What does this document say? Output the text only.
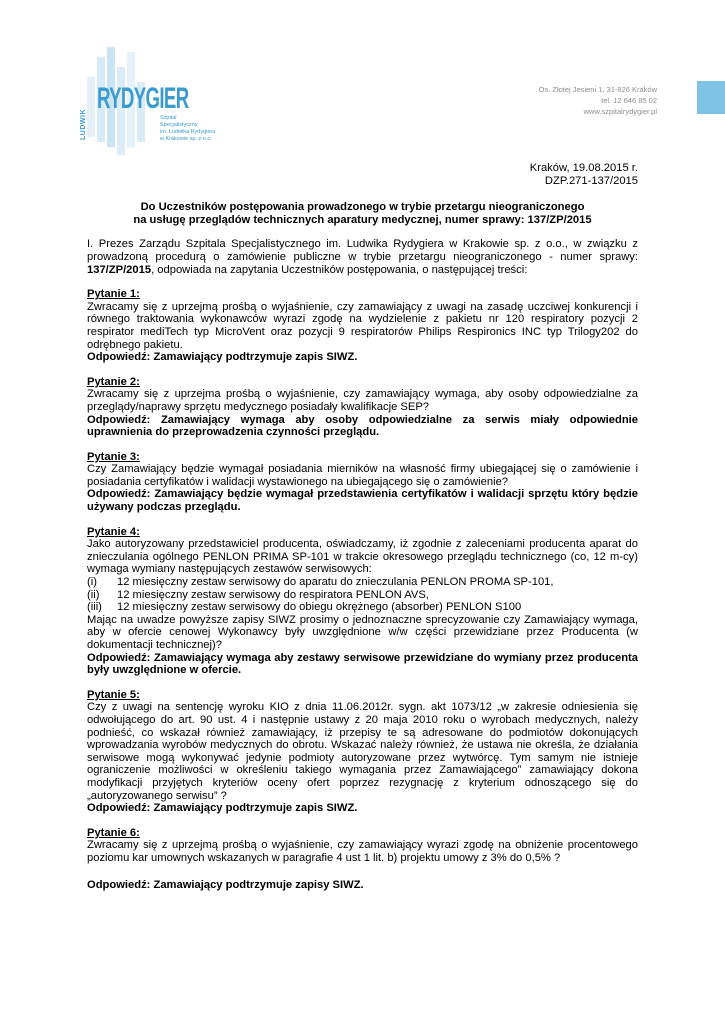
LUDWIK
RYDYGIER
Szpital
Specjalistyczny
im. Ludwika Rydygiera
w Krakowie sp. z o.o.
Os. Złotej Jesieni 1, 31-826 Kraków
tel. 12 646 85 02
www.szpitalrydygier.pl

Kraków, 19.08.2015 r.

DZP.271-137/2015

Do Uczestników postępowania prowadzonego w trybie przetargu nieograniczonego

na usługę przeglądów technicznych aparatury medycznej, numer sprawy: 137/ZP/2015

I. Prezes Zarządu Szpitala Specjalistycznego im. Ludwika Rydygiera w Krakowie sp. z o.o., w związku z prowadzoną procedurą o zamówienie publiczne w trybie przetargu nieograniczonego - numer sprawy: 137/ZP/2015, odpowiada na zapytania Uczestników postępowania, o następującej treści:

Pytanie 1:

Zwracamy się z uprzejmą prośbą o wyjaśnienie, czy zamawiający z uwagi na zasadę uczciwej konkurencji i równego traktowania wykonawców wyrazi zgodę na wydzielenie z pakietu nr 120 respiratory pozycji 2 respirator mediTech typ MicroVent oraz pozycji 9 respiratorów Philips Respironics INC typ Trilogy202 do odrębnego pakietu.

Odpowiedź: Zamawiający podtrzymuje zapis SIWZ.

Pytanie 2:

Zwracamy się z uprzejma prośbą o wyjaśnienie, czy zamawiający wymaga, aby osoby odpowiedzialne za przeglądy/naprawy sprzętu medycznego posiadały kwalifikacje SEP?

Odpowiedź: Zamawiający wymaga aby osoby odpowiedzialne za serwis miały odpowiednie uprawnienia do przeprowadzenia czynności przeglądu.

Pytanie 3:

Czy Zamawiający będzie wymagał posiadania mierników na własność firmy ubiegającej się o zamówienie i posiadania certyfikatów i walidacji wystawionego na ubiegającego się o zamówienie?

Odpowiedź: Zamawiający będzie wymagał przedstawienia certyfikatów i walidacji sprzętu który będzie używany podczas przeglądu.

Pytanie 4:

Jako autoryzowany przedstawiciel producenta, oświadczamy, iż zgodnie z zaleceniami producenta aparat do znieczulania ogólnego PENLON PRIMA SP-101 w trakcie okresowego przeglądu technicznego (co, 12 m-cy) wymaga wymiany następujących zestawów serwisowych:

(i)	12 miesięczny zestaw serwisowy do aparatu do znieczulania PENLON PROMA SP-101,
(ii)	12 miesięczny zestaw serwisowy do respiratora PENLON AVS,
(iii)	12 miesięczny zestaw serwisowy do obiegu okrężnego (absorber) PENLON S100

Mając na uwadze powyższe zapisy SIWZ prosimy o jednoznaczne sprecyzowanie czy Zamawiający wymaga, aby w ofercie cenowej Wykonawcy były uwzględnione w/w części przewidziane przez Producenta (w dokumentacji technicznej)?

Odpowiedź: Zamawiający wymaga aby zestawy serwisowe przewidziane do wymiany przez producenta były uwzględnione w ofercie.

Pytanie 5:

Czy z uwagi na sentencję wyroku KIO z dnia 11.06.2012r. sygn. akt 1073/12 „w zakresie odniesienia się odwołującego do art. 90 ust. 4 i następnie ustawy z 20 maja 2010 roku o wyrobach medycznych, należy podnieść, co wskazał również zamawiający, iż przepisy te są adresowane do podmiotów dokonujących wprowadzania wyrobów medycznych do obrotu. Wskazać należy również, że ustawa nie określa, że działania serwisowe mogą wykonywać jedynie podmioty autoryzowane przez wytwórcę. Tym samym nie istnieje ograniczenie możliwości w określeniu takiego wymagania przez Zamawiającego” zamawiający dokona modyfikacji przyjętych kryteriów oceny ofert poprzez rezygnację z kryterium odnoszącego się do „autoryzowanego serwisu” ?

Odpowiedź: Zamawiający podtrzymuje zapis SIWZ.

Pytanie 6:

Zwracamy się z uprzejmą prośbą o wyjaśnienie, czy zamawiający wyrazi zgodę na obniżenie procentowego poziomu kar umownych wskazanych w paragrafie 4 ust 1 lit. b) projektu umowy z 3% do 0,5% ?

Odpowiedź: Zamawiający podtrzymuje zapisy SIWZ.
